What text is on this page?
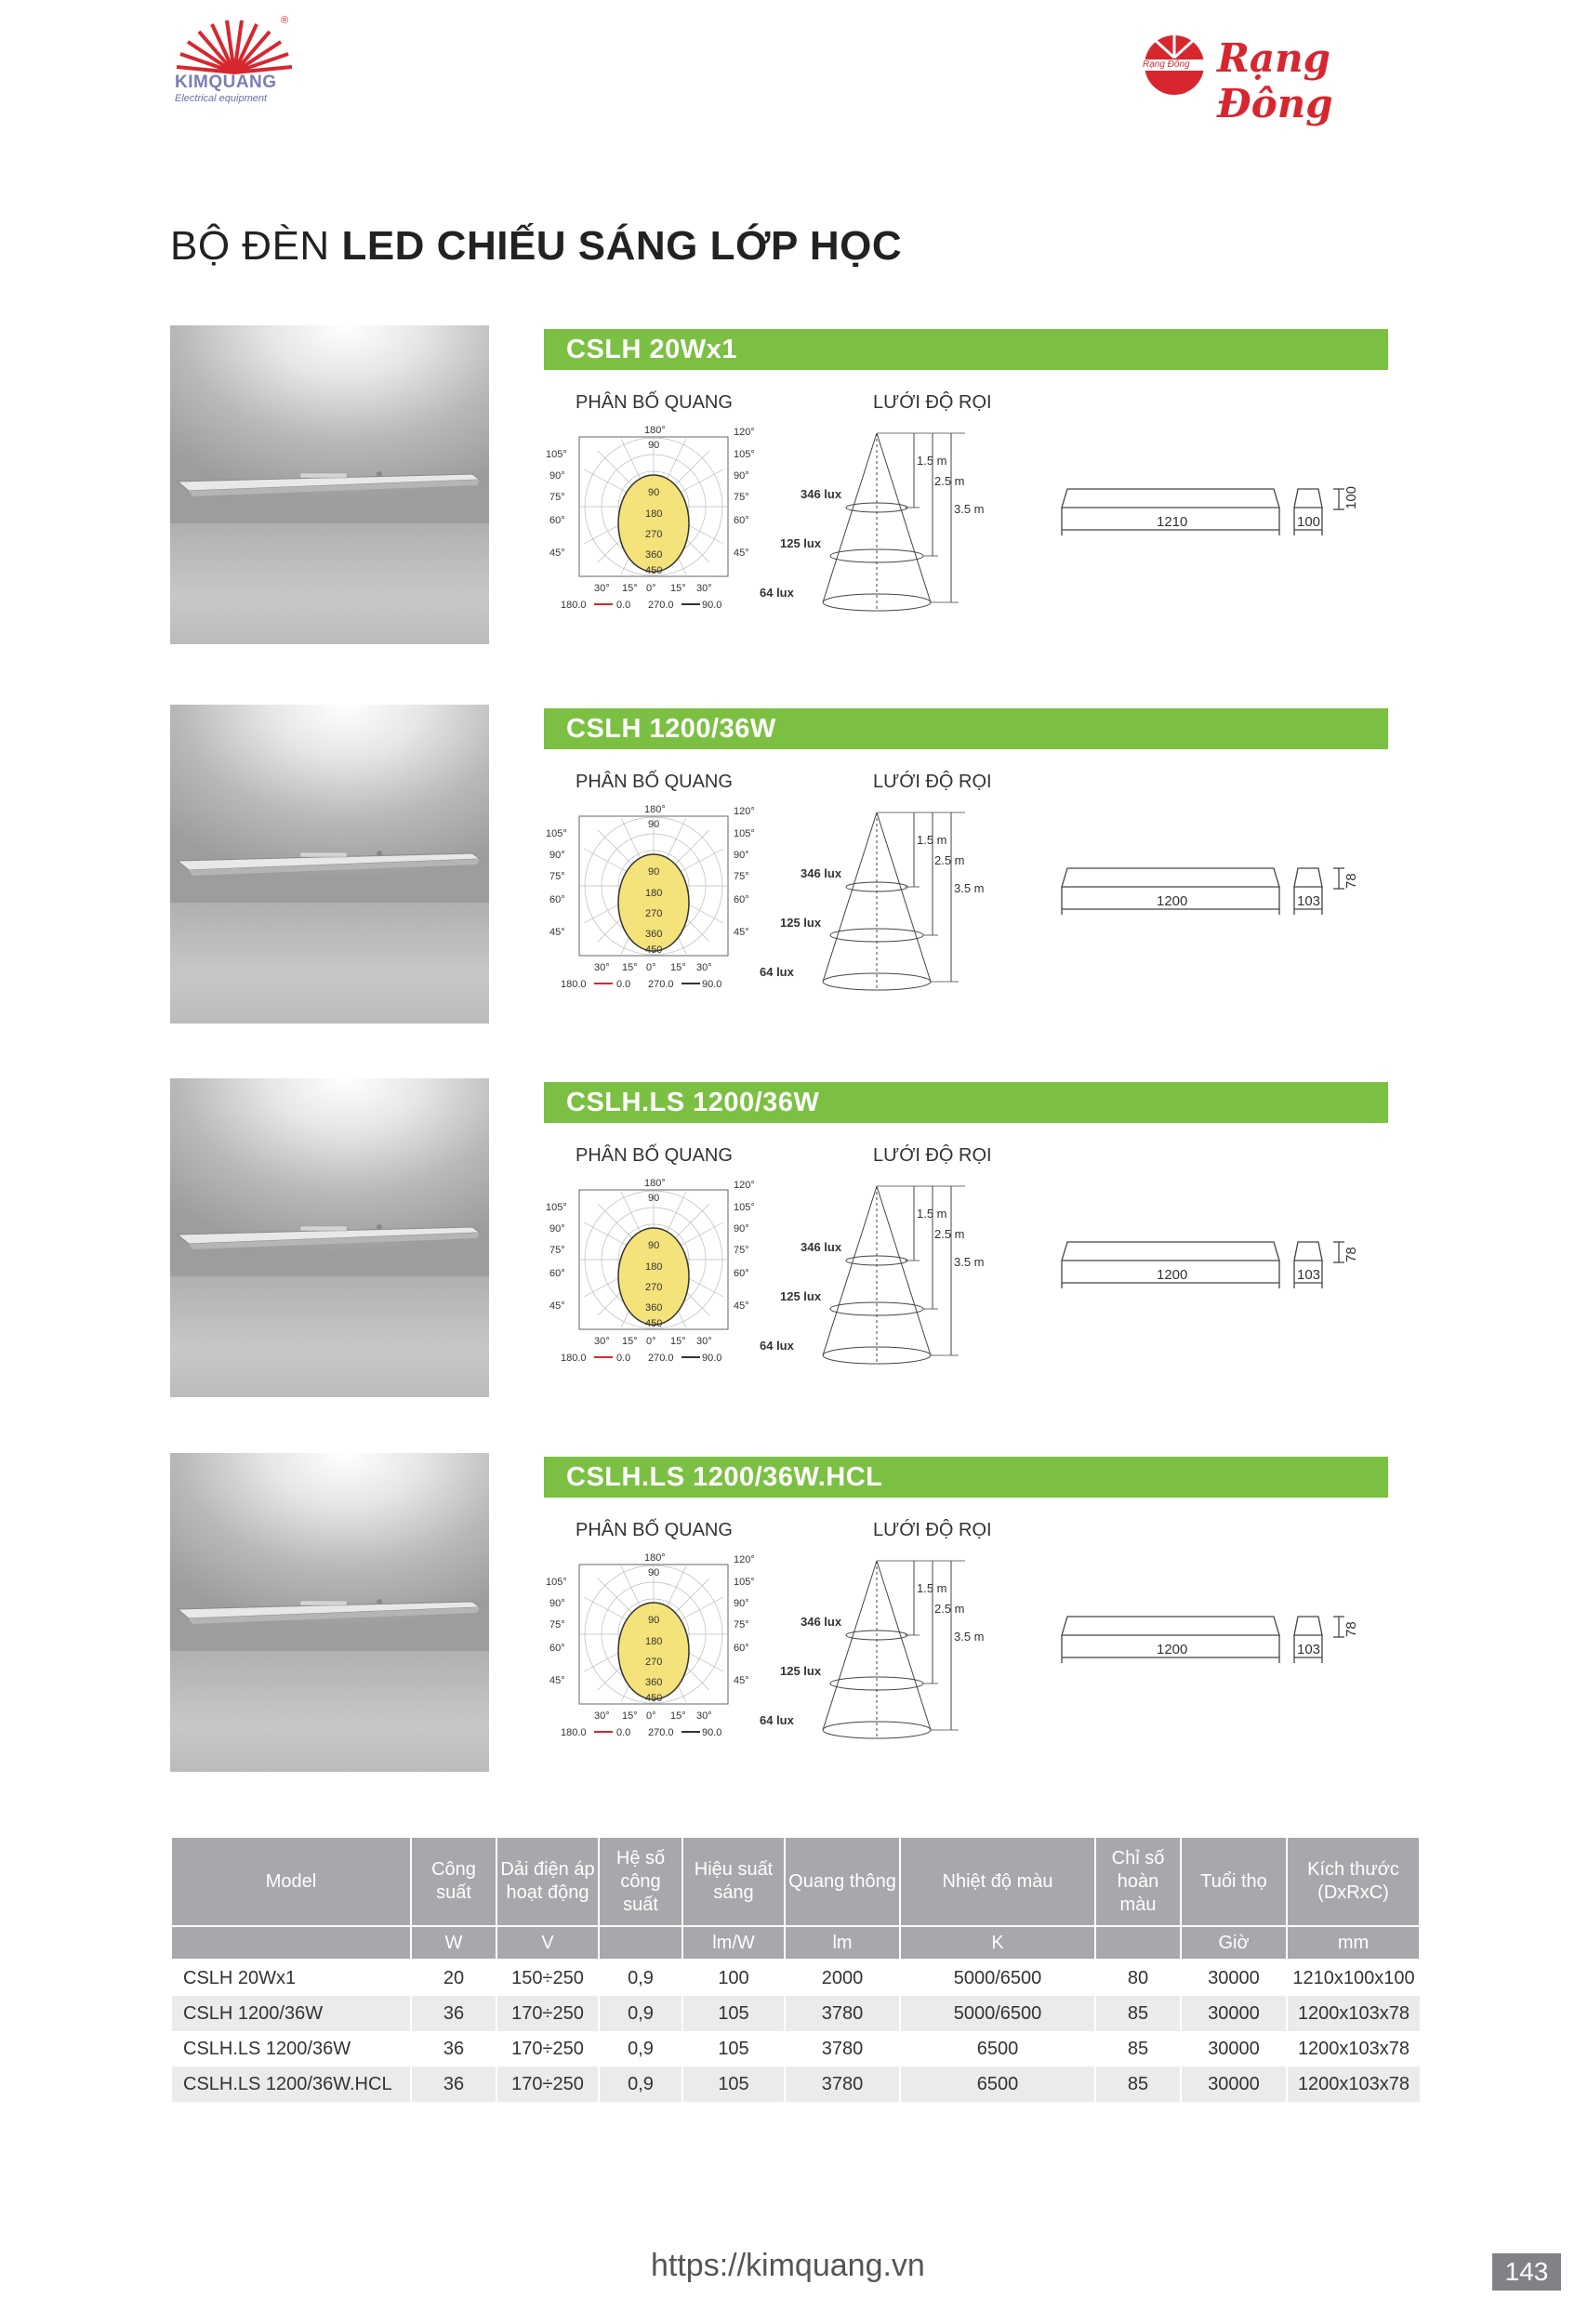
®
KIMQUANG
Electrical equipment
Rạng Đông Rạng Đông
BỘ ĐÈN LED CHIẾU SÁNG LỚP HỌC
CSLH 20Wx1
PHÂN BỐ QUANG	LƯỚI ĐỘ RỌI
180°
90
90
180
270
360
450
105°
90°
75°
60°
45°
120°
105°
90°
75°
60°
45°
30° 15° 0° 15° 30°
180.0	0.0 270.0	90.0
1.5 m
2.5 m
3.5 m
346 lux
125 lux
64 lux
1210	100
100
CSLH 1200/36W
PHÂN BỐ QUANG	LƯỚI ĐỘ RỌI
180°
90
90
180
270
360
450
105°
90°
75°
60°
45°
120°
105°
90°
75°
60°
45°
30° 15° 0° 15° 30°
180.0	0.0 270.0	90.0
1.5 m
2.5 m
3.5 m
346 lux
125 lux
64 lux
1200	103
78
CSLH.LS 1200/36W
PHÂN BỐ QUANG	LƯỚI ĐỘ RỌI
180°
90
90
180
270
360
450
105°
90°
75°
60°
45°
120°
105°
90°
75°
60°
45°
30° 15° 0° 15° 30°
180.0	0.0 270.0	90.0
1.5 m
2.5 m
3.5 m
346 lux
125 lux
64 lux
1200	103
78
CSLH.LS 1200/36W.HCL
PHÂN BỐ QUANG	LƯỚI ĐỘ RỌI
180°
90
90
180
270
360
450
105°
90°
75°
60°
45°
120°
105°
90°
75°
60°
45°
30° 15° 0° 15° 30°
180.0	0.0 270.0	90.0
1.5 m
2.5 m
3.5 m
346 lux
125 lux
64 lux
1200	103
78
Model	Công suất	Dải điện áp hoạt động	Hệ số công suất	Hiệu suất sáng	Quang thông	Nhiệt độ màu	Chỉ số hoàn màu	Tuổi thọ	Kích thước (DxRxC)
	W	V		lm/W	lm	K		Giờ	mm
CSLH 20Wx1	20	150÷250	0,9	100	2000	5000/6500	80	30000	1210x100x100
CSLH 1200/36W	36	170÷250	0,9	105	3780	5000/6500	85	30000	1200x103x78
CSLH.LS 1200/36W	36	170÷250	0,9	105	3780	6500	85	30000	1200x103x78
CSLH.LS 1200/36W.HCL	36	170÷250	0,9	105	3780	6500	85	30000	1200x103x78
https://kimquang.vn	143
